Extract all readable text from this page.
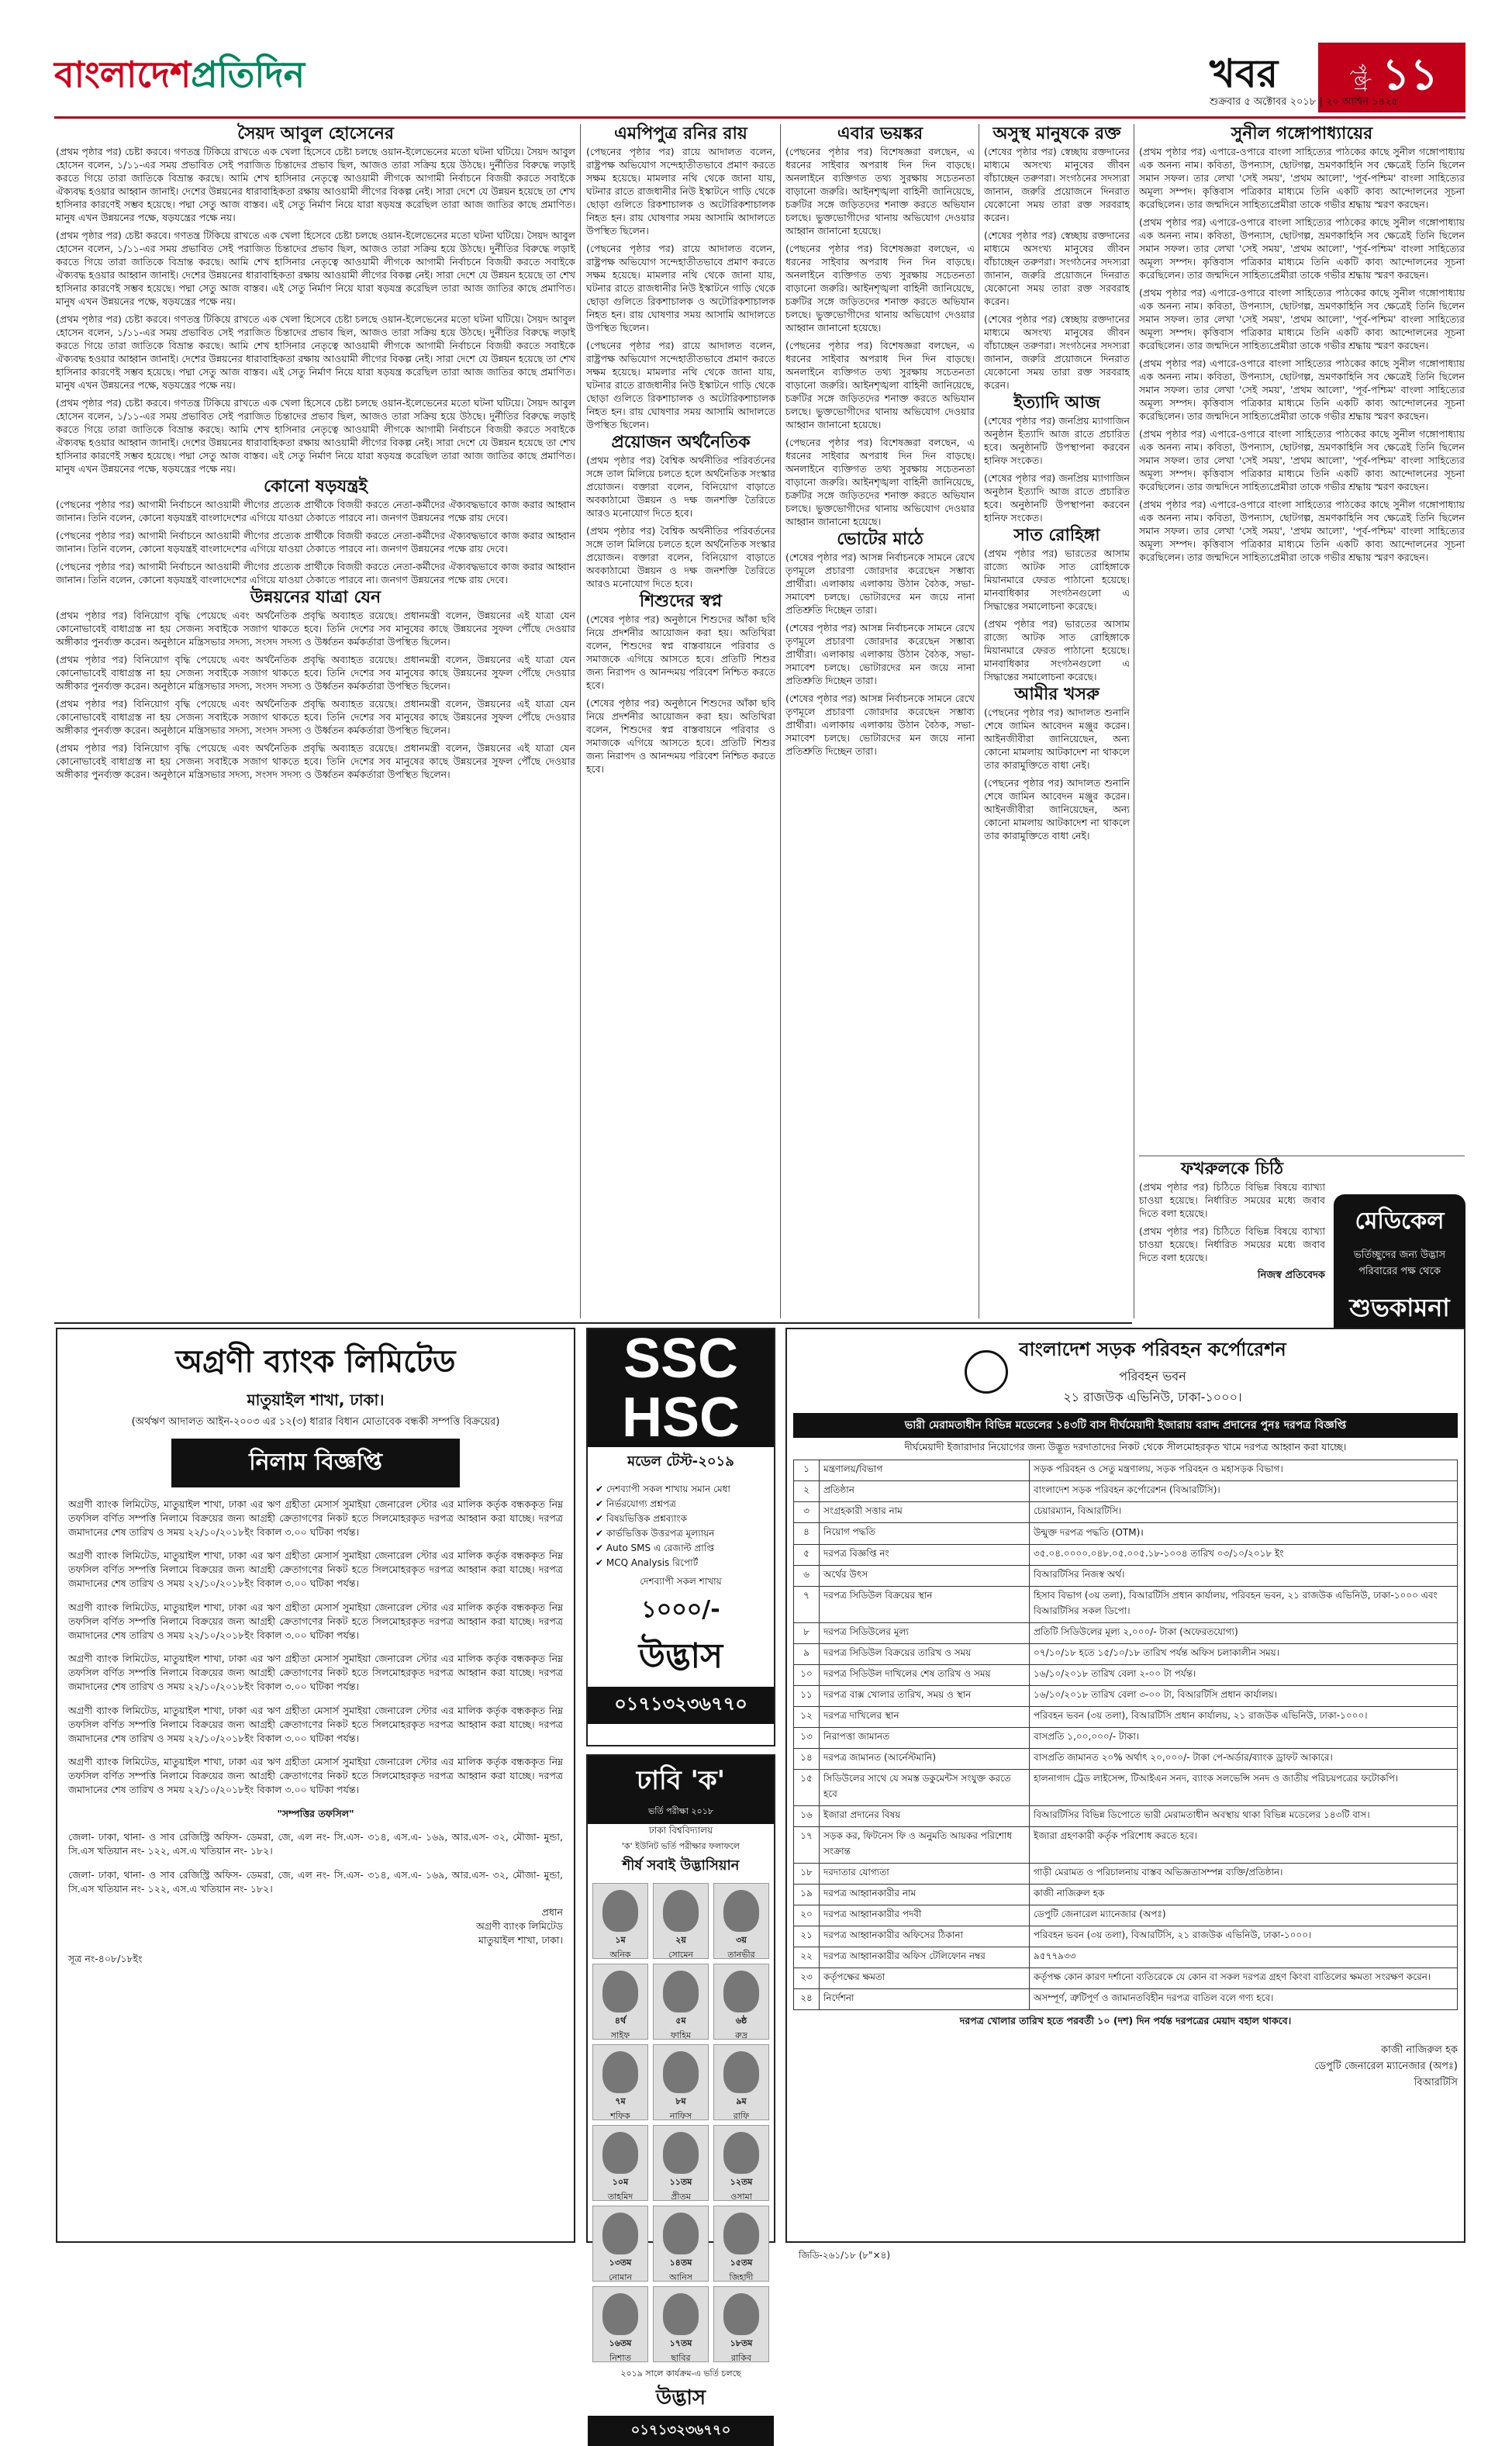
বাংলাদেশপ্রতিদিন	খবর	পৃষ্ঠা ১১
শুক্রবার ৫ অক্টোবর ২০১৮ | ২০ আশ্বিন ১৪২৫
সৈয়দ আবুল হোসেনের

(প্রথম পৃষ্ঠার পর) চেষ্টা করবে। গণতন্ত্র টিকিয়ে রাখতে এক খেলা হিসেবে চেষ্টা চলছে ওয়ান-ইলেভেনের মতো ঘটনা ঘটিয়ে। সৈয়দ আবুল হোসেন বলেন, ১/১১-এর সময় প্রভাবিত সেই পরাজিত চিন্তাদের প্রভাব ছিল, আজও তারা সক্রিয় হয়ে উঠছে। দুর্নীতির বিরুদ্ধে লড়াই করতে গিয়ে তারা জাতিকে বিভ্রান্ত করছে। আমি শেখ হাসিনার নেতৃত্বে আওয়ামী লীগকে আগামী নির্বাচনে বিজয়ী করতে সবাইকে ঐক্যবদ্ধ হওয়ার আহ্বান জানাই। দেশের উন্নয়নের ধারাবাহিকতা রক্ষায় আওয়ামী লীগের বিকল্প নেই। সারা দেশে যে উন্নয়ন হয়েছে তা শেখ হাসিনার কারণেই সম্ভব হয়েছে। পদ্মা সেতু আজ বাস্তব। এই সেতু নির্মাণ নিয়ে যারা ষড়যন্ত্র করেছিল তারা আজ জাতির কাছে প্রমাণিত। মানুষ এখন উন্নয়নের পক্ষে, ষড়যন্ত্রের পক্ষে নয়।

(প্রথম পৃষ্ঠার পর) চেষ্টা করবে। গণতন্ত্র টিকিয়ে রাখতে এক খেলা হিসেবে চেষ্টা চলছে ওয়ান-ইলেভেনের মতো ঘটনা ঘটিয়ে। সৈয়দ আবুল হোসেন বলেন, ১/১১-এর সময় প্রভাবিত সেই পরাজিত চিন্তাদের প্রভাব ছিল, আজও তারা সক্রিয় হয়ে উঠছে। দুর্নীতির বিরুদ্ধে লড়াই করতে গিয়ে তারা জাতিকে বিভ্রান্ত করছে। আমি শেখ হাসিনার নেতৃত্বে আওয়ামী লীগকে আগামী নির্বাচনে বিজয়ী করতে সবাইকে ঐক্যবদ্ধ হওয়ার আহ্বান জানাই। দেশের উন্নয়নের ধারাবাহিকতা রক্ষায় আওয়ামী লীগের বিকল্প নেই। সারা দেশে যে উন্নয়ন হয়েছে তা শেখ হাসিনার কারণেই সম্ভব হয়েছে। পদ্মা সেতু আজ বাস্তব। এই সেতু নির্মাণ নিয়ে যারা ষড়যন্ত্র করেছিল তারা আজ জাতির কাছে প্রমাণিত। মানুষ এখন উন্নয়নের পক্ষে, ষড়যন্ত্রের পক্ষে নয়।

(প্রথম পৃষ্ঠার পর) চেষ্টা করবে। গণতন্ত্র টিকিয়ে রাখতে এক খেলা হিসেবে চেষ্টা চলছে ওয়ান-ইলেভেনের মতো ঘটনা ঘটিয়ে। সৈয়দ আবুল হোসেন বলেন, ১/১১-এর সময় প্রভাবিত সেই পরাজিত চিন্তাদের প্রভাব ছিল, আজও তারা সক্রিয় হয়ে উঠছে। দুর্নীতির বিরুদ্ধে লড়াই করতে গিয়ে তারা জাতিকে বিভ্রান্ত করছে। আমি শেখ হাসিনার নেতৃত্বে আওয়ামী লীগকে আগামী নির্বাচনে বিজয়ী করতে সবাইকে ঐক্যবদ্ধ হওয়ার আহ্বান জানাই। দেশের উন্নয়নের ধারাবাহিকতা রক্ষায় আওয়ামী লীগের বিকল্প নেই। সারা দেশে যে উন্নয়ন হয়েছে তা শেখ হাসিনার কারণেই সম্ভব হয়েছে। পদ্মা সেতু আজ বাস্তব। এই সেতু নির্মাণ নিয়ে যারা ষড়যন্ত্র করেছিল তারা আজ জাতির কাছে প্রমাণিত। মানুষ এখন উন্নয়নের পক্ষে, ষড়যন্ত্রের পক্ষে নয়।

(প্রথম পৃষ্ঠার পর) চেষ্টা করবে। গণতন্ত্র টিকিয়ে রাখতে এক খেলা হিসেবে চেষ্টা চলছে ওয়ান-ইলেভেনের মতো ঘটনা ঘটিয়ে। সৈয়দ আবুল হোসেন বলেন, ১/১১-এর সময় প্রভাবিত সেই পরাজিত চিন্তাদের প্রভাব ছিল, আজও তারা সক্রিয় হয়ে উঠছে। দুর্নীতির বিরুদ্ধে লড়াই করতে গিয়ে তারা জাতিকে বিভ্রান্ত করছে। আমি শেখ হাসিনার নেতৃত্বে আওয়ামী লীগকে আগামী নির্বাচনে বিজয়ী করতে সবাইকে ঐক্যবদ্ধ হওয়ার আহ্বান জানাই। দেশের উন্নয়নের ধারাবাহিকতা রক্ষায় আওয়ামী লীগের বিকল্প নেই। সারা দেশে যে উন্নয়ন হয়েছে তা শেখ হাসিনার কারণেই সম্ভব হয়েছে। পদ্মা সেতু আজ বাস্তব। এই সেতু নির্মাণ নিয়ে যারা ষড়যন্ত্র করেছিল তারা আজ জাতির কাছে প্রমাণিত। মানুষ এখন উন্নয়নের পক্ষে, ষড়যন্ত্রের পক্ষে নয়।

কোনো ষড়যন্ত্রই

(পেছনের পৃষ্ঠার পর) আগামী নির্বাচনে আওয়ামী লীগের প্রত্যেক প্রার্থীকে বিজয়ী করতে নেতা-কর্মীদের ঐক্যবদ্ধভাবে কাজ করার আহ্বান জানান। তিনি বলেন, কোনো ষড়যন্ত্রই বাংলাদেশের এগিয়ে যাওয়া ঠেকাতে পারবে না। জনগণ উন্নয়নের পক্ষে রায় দেবে।

(পেছনের পৃষ্ঠার পর) আগামী নির্বাচনে আওয়ামী লীগের প্রত্যেক প্রার্থীকে বিজয়ী করতে নেতা-কর্মীদের ঐক্যবদ্ধভাবে কাজ করার আহ্বান জানান। তিনি বলেন, কোনো ষড়যন্ত্রই বাংলাদেশের এগিয়ে যাওয়া ঠেকাতে পারবে না। জনগণ উন্নয়নের পক্ষে রায় দেবে।

(পেছনের পৃষ্ঠার পর) আগামী নির্বাচনে আওয়ামী লীগের প্রত্যেক প্রার্থীকে বিজয়ী করতে নেতা-কর্মীদের ঐক্যবদ্ধভাবে কাজ করার আহ্বান জানান। তিনি বলেন, কোনো ষড়যন্ত্রই বাংলাদেশের এগিয়ে যাওয়া ঠেকাতে পারবে না। জনগণ উন্নয়নের পক্ষে রায় দেবে।

উন্নয়নের যাত্রা যেন

(প্রথম পৃষ্ঠার পর) বিনিয়োগ বৃদ্ধি পেয়েছে এবং অর্থনৈতিক প্রবৃদ্ধি অব্যাহত রয়েছে। প্রধানমন্ত্রী বলেন, উন্নয়নের এই যাত্রা যেন কোনোভাবেই বাধাগ্রস্ত না হয় সেজন্য সবাইকে সজাগ থাকতে হবে। তিনি দেশের সব মানুষের কাছে উন্নয়নের সুফল পৌঁছে দেওয়ার অঙ্গীকার পুনর্ব্যক্ত করেন। অনুষ্ঠানে মন্ত্রিসভার সদস্য, সংসদ সদস্য ও উর্ধ্বতন কর্মকর্তারা উপস্থিত ছিলেন।

(প্রথম পৃষ্ঠার পর) বিনিয়োগ বৃদ্ধি পেয়েছে এবং অর্থনৈতিক প্রবৃদ্ধি অব্যাহত রয়েছে। প্রধানমন্ত্রী বলেন, উন্নয়নের এই যাত্রা যেন কোনোভাবেই বাধাগ্রস্ত না হয় সেজন্য সবাইকে সজাগ থাকতে হবে। তিনি দেশের সব মানুষের কাছে উন্নয়নের সুফল পৌঁছে দেওয়ার অঙ্গীকার পুনর্ব্যক্ত করেন। অনুষ্ঠানে মন্ত্রিসভার সদস্য, সংসদ সদস্য ও উর্ধ্বতন কর্মকর্তারা উপস্থিত ছিলেন।

(প্রথম পৃষ্ঠার পর) বিনিয়োগ বৃদ্ধি পেয়েছে এবং অর্থনৈতিক প্রবৃদ্ধি অব্যাহত রয়েছে। প্রধানমন্ত্রী বলেন, উন্নয়নের এই যাত্রা যেন কোনোভাবেই বাধাগ্রস্ত না হয় সেজন্য সবাইকে সজাগ থাকতে হবে। তিনি দেশের সব মানুষের কাছে উন্নয়নের সুফল পৌঁছে দেওয়ার অঙ্গীকার পুনর্ব্যক্ত করেন। অনুষ্ঠানে মন্ত্রিসভার সদস্য, সংসদ সদস্য ও উর্ধ্বতন কর্মকর্তারা উপস্থিত ছিলেন।

(প্রথম পৃষ্ঠার পর) বিনিয়োগ বৃদ্ধি পেয়েছে এবং অর্থনৈতিক প্রবৃদ্ধি অব্যাহত রয়েছে। প্রধানমন্ত্রী বলেন, উন্নয়নের এই যাত্রা যেন কোনোভাবেই বাধাগ্রস্ত না হয় সেজন্য সবাইকে সজাগ থাকতে হবে। তিনি দেশের সব মানুষের কাছে উন্নয়নের সুফল পৌঁছে দেওয়ার অঙ্গীকার পুনর্ব্যক্ত করেন। অনুষ্ঠানে মন্ত্রিসভার সদস্য, সংসদ সদস্য ও উর্ধ্বতন কর্মকর্তারা উপস্থিত ছিলেন।

এমপিপুত্র রনির রায়

(পেছনের পৃষ্ঠার পর) রায়ে আদালত বলেন, রাষ্ট্রপক্ষ অভিযোগ সন্দেহাতীতভাবে প্রমাণ করতে সক্ষম হয়েছে। মামলার নথি থেকে জানা যায়, ঘটনার রাতে রাজধানীর নিউ ইস্কাটনে গাড়ি থেকে ছোড়া গুলিতে রিকশাচালক ও অটোরিকশাচালক নিহত হন। রায় ঘোষণার সময় আসামি আদালতে উপস্থিত ছিলেন।

(পেছনের পৃষ্ঠার পর) রায়ে আদালত বলেন, রাষ্ট্রপক্ষ অভিযোগ সন্দেহাতীতভাবে প্রমাণ করতে সক্ষম হয়েছে। মামলার নথি থেকে জানা যায়, ঘটনার রাতে রাজধানীর নিউ ইস্কাটনে গাড়ি থেকে ছোড়া গুলিতে রিকশাচালক ও অটোরিকশাচালক নিহত হন। রায় ঘোষণার সময় আসামি আদালতে উপস্থিত ছিলেন।

(পেছনের পৃষ্ঠার পর) রায়ে আদালত বলেন, রাষ্ট্রপক্ষ অভিযোগ সন্দেহাতীতভাবে প্রমাণ করতে সক্ষম হয়েছে। মামলার নথি থেকে জানা যায়, ঘটনার রাতে রাজধানীর নিউ ইস্কাটনে গাড়ি থেকে ছোড়া গুলিতে রিকশাচালক ও অটোরিকশাচালক নিহত হন। রায় ঘোষণার সময় আসামি আদালতে উপস্থিত ছিলেন।

প্রয়োজন অর্থনৈতিক

(প্রথম পৃষ্ঠার পর) বৈশ্বিক অর্থনীতির পরিবর্তনের সঙ্গে তাল মিলিয়ে চলতে হলে অর্থনৈতিক সংস্কার প্রয়োজন। বক্তারা বলেন, বিনিয়োগ বাড়াতে অবকাঠামো উন্নয়ন ও দক্ষ জনশক্তি তৈরিতে আরও মনোযোগ দিতে হবে।

(প্রথম পৃষ্ঠার পর) বৈশ্বিক অর্থনীতির পরিবর্তনের সঙ্গে তাল মিলিয়ে চলতে হলে অর্থনৈতিক সংস্কার প্রয়োজন। বক্তারা বলেন, বিনিয়োগ বাড়াতে অবকাঠামো উন্নয়ন ও দক্ষ জনশক্তি তৈরিতে আরও মনোযোগ দিতে হবে।

শিশুদের স্বপ্ন

(শেষের পৃষ্ঠার পর) অনুষ্ঠানে শিশুদের আঁকা ছবি নিয়ে প্রদর্শনীর আয়োজন করা হয়। অতিথিরা বলেন, শিশুদের স্বপ্ন বাস্তবায়নে পরিবার ও সমাজকে এগিয়ে আসতে হবে। প্রতিটি শিশুর জন্য নিরাপদ ও আনন্দময় পরিবেশ নিশ্চিত করতে হবে।

(শেষের পৃষ্ঠার পর) অনুষ্ঠানে শিশুদের আঁকা ছবি নিয়ে প্রদর্শনীর আয়োজন করা হয়। অতিথিরা বলেন, শিশুদের স্বপ্ন বাস্তবায়নে পরিবার ও সমাজকে এগিয়ে আসতে হবে। প্রতিটি শিশুর জন্য নিরাপদ ও আনন্দময় পরিবেশ নিশ্চিত করতে হবে।

এবার ভয়ঙ্কর

(পেছনের পৃষ্ঠার পর) বিশেষজ্ঞরা বলছেন, এ ধরনের সাইবার অপরাধ দিন দিন বাড়ছে। অনলাইনে ব্যক্তিগত তথ্য সুরক্ষায় সচেতনতা বাড়ানো জরুরি। আইনশৃঙ্খলা বাহিনী জানিয়েছে, চক্রটির সঙ্গে জড়িতদের শনাক্ত করতে অভিযান চলছে। ভুক্তভোগীদের থানায় অভিযোগ দেওয়ার আহ্বান জানানো হয়েছে।

(পেছনের পৃষ্ঠার পর) বিশেষজ্ঞরা বলছেন, এ ধরনের সাইবার অপরাধ দিন দিন বাড়ছে। অনলাইনে ব্যক্তিগত তথ্য সুরক্ষায় সচেতনতা বাড়ানো জরুরি। আইনশৃঙ্খলা বাহিনী জানিয়েছে, চক্রটির সঙ্গে জড়িতদের শনাক্ত করতে অভিযান চলছে। ভুক্তভোগীদের থানায় অভিযোগ দেওয়ার আহ্বান জানানো হয়েছে।

(পেছনের পৃষ্ঠার পর) বিশেষজ্ঞরা বলছেন, এ ধরনের সাইবার অপরাধ দিন দিন বাড়ছে। অনলাইনে ব্যক্তিগত তথ্য সুরক্ষায় সচেতনতা বাড়ানো জরুরি। আইনশৃঙ্খলা বাহিনী জানিয়েছে, চক্রটির সঙ্গে জড়িতদের শনাক্ত করতে অভিযান চলছে। ভুক্তভোগীদের থানায় অভিযোগ দেওয়ার আহ্বান জানানো হয়েছে।

(পেছনের পৃষ্ঠার পর) বিশেষজ্ঞরা বলছেন, এ ধরনের সাইবার অপরাধ দিন দিন বাড়ছে। অনলাইনে ব্যক্তিগত তথ্য সুরক্ষায় সচেতনতা বাড়ানো জরুরি। আইনশৃঙ্খলা বাহিনী জানিয়েছে, চক্রটির সঙ্গে জড়িতদের শনাক্ত করতে অভিযান চলছে। ভুক্তভোগীদের থানায় অভিযোগ দেওয়ার আহ্বান জানানো হয়েছে।

ভোটের মাঠে

(শেষের পৃষ্ঠার পর) আসন্ন নির্বাচনকে সামনে রেখে তৃণমূলে প্রচারণা জোরদার করেছেন সম্ভাব্য প্রার্থীরা। এলাকায় এলাকায় উঠান বৈঠক, সভা-সমাবেশ চলছে। ভোটারদের মন জয়ে নানা প্রতিশ্রুতি দিচ্ছেন তারা।

(শেষের পৃষ্ঠার পর) আসন্ন নির্বাচনকে সামনে রেখে তৃণমূলে প্রচারণা জোরদার করেছেন সম্ভাব্য প্রার্থীরা। এলাকায় এলাকায় উঠান বৈঠক, সভা-সমাবেশ চলছে। ভোটারদের মন জয়ে নানা প্রতিশ্রুতি দিচ্ছেন তারা।

(শেষের পৃষ্ঠার পর) আসন্ন নির্বাচনকে সামনে রেখে তৃণমূলে প্রচারণা জোরদার করেছেন সম্ভাব্য প্রার্থীরা। এলাকায় এলাকায় উঠান বৈঠক, সভা-সমাবেশ চলছে। ভোটারদের মন জয়ে নানা প্রতিশ্রুতি দিচ্ছেন তারা।

অসুস্থ মানুষকে রক্ত

(শেষের পৃষ্ঠার পর) স্বেচ্ছায় রক্তদানের মাধ্যমে অসংখ্য মানুষের জীবন বাঁচাচ্ছেন তরুণরা। সংগঠনের সদস্যরা জানান, জরুরি প্রয়োজনে দিনরাত যেকোনো সময় তারা রক্ত সরবরাহ করেন।

(শেষের পৃষ্ঠার পর) স্বেচ্ছায় রক্তদানের মাধ্যমে অসংখ্য মানুষের জীবন বাঁচাচ্ছেন তরুণরা। সংগঠনের সদস্যরা জানান, জরুরি প্রয়োজনে দিনরাত যেকোনো সময় তারা রক্ত সরবরাহ করেন।

(শেষের পৃষ্ঠার পর) স্বেচ্ছায় রক্তদানের মাধ্যমে অসংখ্য মানুষের জীবন বাঁচাচ্ছেন তরুণরা। সংগঠনের সদস্যরা জানান, জরুরি প্রয়োজনে দিনরাত যেকোনো সময় তারা রক্ত সরবরাহ করেন।

ইত্যাদি আজ

(শেষের পৃষ্ঠার পর) জনপ্রিয় ম্যাগাজিন অনুষ্ঠান ইত্যাদি আজ রাতে প্রচারিত হবে। অনুষ্ঠানটি উপস্থাপনা করবেন হানিফ সংকেত।

(শেষের পৃষ্ঠার পর) জনপ্রিয় ম্যাগাজিন অনুষ্ঠান ইত্যাদি আজ রাতে প্রচারিত হবে। অনুষ্ঠানটি উপস্থাপনা করবেন হানিফ সংকেত।

সাত রোহিঙ্গা

(প্রথম পৃষ্ঠার পর) ভারতের আসাম রাজ্যে আটক সাত রোহিঙ্গাকে মিয়ানমারে ফেরত পাঠানো হয়েছে। মানবাধিকার সংগঠনগুলো এ সিদ্ধান্তের সমালোচনা করেছে।

(প্রথম পৃষ্ঠার পর) ভারতের আসাম রাজ্যে আটক সাত রোহিঙ্গাকে মিয়ানমারে ফেরত পাঠানো হয়েছে। মানবাধিকার সংগঠনগুলো এ সিদ্ধান্তের সমালোচনা করেছে।

আমীর খসরু

(পেছনের পৃষ্ঠার পর) আদালত শুনানি শেষে জামিন আবেদন মঞ্জুর করেন। আইনজীবীরা জানিয়েছেন, অন্য কোনো মামলায় আটকাদেশ না থাকলে তার কারামুক্তিতে বাধা নেই।

(পেছনের পৃষ্ঠার পর) আদালত শুনানি শেষে জামিন আবেদন মঞ্জুর করেন। আইনজীবীরা জানিয়েছেন, অন্য কোনো মামলায় আটকাদেশ না থাকলে তার কারামুক্তিতে বাধা নেই।

সুনীল গঙ্গোপাধ্যায়ের

(প্রথম পৃষ্ঠার পর) এপারে-ওপারে বাংলা সাহিত্যের পাঠকের কাছে সুনীল গঙ্গোপাধ্যায় এক অনন্য নাম। কবিতা, উপন্যাস, ছোটগল্প, ভ্রমণকাহিনি সব ক্ষেত্রেই তিনি ছিলেন সমান সফল। তার লেখা 'সেই সময়', 'প্রথম আলো', 'পূর্ব-পশ্চিম' বাংলা সাহিত্যের অমূল্য সম্পদ। কৃত্তিবাস পত্রিকার মাধ্যমে তিনি একটি কাব্য আন্দোলনের সূচনা করেছিলেন। তার জন্মদিনে সাহিত্যপ্রেমীরা তাকে গভীর শ্রদ্ধায় স্মরণ করছেন।

(প্রথম পৃষ্ঠার পর) এপারে-ওপারে বাংলা সাহিত্যের পাঠকের কাছে সুনীল গঙ্গোপাধ্যায় এক অনন্য নাম। কবিতা, উপন্যাস, ছোটগল্প, ভ্রমণকাহিনি সব ক্ষেত্রেই তিনি ছিলেন সমান সফল। তার লেখা 'সেই সময়', 'প্রথম আলো', 'পূর্ব-পশ্চিম' বাংলা সাহিত্যের অমূল্য সম্পদ। কৃত্তিবাস পত্রিকার মাধ্যমে তিনি একটি কাব্য আন্দোলনের সূচনা করেছিলেন। তার জন্মদিনে সাহিত্যপ্রেমীরা তাকে গভীর শ্রদ্ধায় স্মরণ করছেন।

(প্রথম পৃষ্ঠার পর) এপারে-ওপারে বাংলা সাহিত্যের পাঠকের কাছে সুনীল গঙ্গোপাধ্যায় এক অনন্য নাম। কবিতা, উপন্যাস, ছোটগল্প, ভ্রমণকাহিনি সব ক্ষেত্রেই তিনি ছিলেন সমান সফল। তার লেখা 'সেই সময়', 'প্রথম আলো', 'পূর্ব-পশ্চিম' বাংলা সাহিত্যের অমূল্য সম্পদ। কৃত্তিবাস পত্রিকার মাধ্যমে তিনি একটি কাব্য আন্দোলনের সূচনা করেছিলেন। তার জন্মদিনে সাহিত্যপ্রেমীরা তাকে গভীর শ্রদ্ধায় স্মরণ করছেন।

(প্রথম পৃষ্ঠার পর) এপারে-ওপারে বাংলা সাহিত্যের পাঠকের কাছে সুনীল গঙ্গোপাধ্যায় এক অনন্য নাম। কবিতা, উপন্যাস, ছোটগল্প, ভ্রমণকাহিনি সব ক্ষেত্রেই তিনি ছিলেন সমান সফল। তার লেখা 'সেই সময়', 'প্রথম আলো', 'পূর্ব-পশ্চিম' বাংলা সাহিত্যের অমূল্য সম্পদ। কৃত্তিবাস পত্রিকার মাধ্যমে তিনি একটি কাব্য আন্দোলনের সূচনা করেছিলেন। তার জন্মদিনে সাহিত্যপ্রেমীরা তাকে গভীর শ্রদ্ধায় স্মরণ করছেন।

(প্রথম পৃষ্ঠার পর) এপারে-ওপারে বাংলা সাহিত্যের পাঠকের কাছে সুনীল গঙ্গোপাধ্যায় এক অনন্য নাম। কবিতা, উপন্যাস, ছোটগল্প, ভ্রমণকাহিনি সব ক্ষেত্রেই তিনি ছিলেন সমান সফল। তার লেখা 'সেই সময়', 'প্রথম আলো', 'পূর্ব-পশ্চিম' বাংলা সাহিত্যের অমূল্য সম্পদ। কৃত্তিবাস পত্রিকার মাধ্যমে তিনি একটি কাব্য আন্দোলনের সূচনা করেছিলেন। তার জন্মদিনে সাহিত্যপ্রেমীরা তাকে গভীর শ্রদ্ধায় স্মরণ করছেন।

(প্রথম পৃষ্ঠার পর) এপারে-ওপারে বাংলা সাহিত্যের পাঠকের কাছে সুনীল গঙ্গোপাধ্যায় এক অনন্য নাম। কবিতা, উপন্যাস, ছোটগল্প, ভ্রমণকাহিনি সব ক্ষেত্রেই তিনি ছিলেন সমান সফল। তার লেখা 'সেই সময়', 'প্রথম আলো', 'পূর্ব-পশ্চিম' বাংলা সাহিত্যের অমূল্য সম্পদ। কৃত্তিবাস পত্রিকার মাধ্যমে তিনি একটি কাব্য আন্দোলনের সূচনা করেছিলেন। তার জন্মদিনে সাহিত্যপ্রেমীরা তাকে গভীর শ্রদ্ধায় স্মরণ করছেন।

ফখরুলকে চিঠি

(প্রথম পৃষ্ঠার পর) চিঠিতে বিভিন্ন বিষয়ে ব্যাখ্যা চাওয়া হয়েছে। নির্ধারিত সময়ের মধ্যে জবাব দিতে বলা হয়েছে।

(প্রথম পৃষ্ঠার পর) চিঠিতে বিভিন্ন বিষয়ে ব্যাখ্যা চাওয়া হয়েছে। নির্ধারিত সময়ের মধ্যে জবাব দিতে বলা হয়েছে।

নিজস্ব প্রতিবেদক

মেডিকেল
ভর্তিচ্ছুদের জন্য উদ্ভাস পরিবারের পক্ষ থেকে
শুভকামনা
অগ্রণী ব্যাংক লিমিটেড
মাতুয়াইল শাখা, ঢাকা।
(অর্থঋণ আদালত আইন-২০০৩ এর ১২(৩) ধারার বিধান মোতাবেক বন্ধকী সম্পত্তি বিক্রয়ের)
নিলাম বিজ্ঞপ্তি

অগ্রণী ব্যাংক লিমিটেড, মাতুয়াইল শাখা, ঢাকা এর ঋণ গ্রহীতা মেসার্স সুমাইয়া জেনারেল স্টোর এর মালিক কর্তৃক বন্ধককৃত নিম্ন তফসিল বর্ণিত সম্পত্তি নিলামে বিক্রয়ের জন্য আগ্রহী ক্রেতাগণের নিকট হতে সিলমোহরকৃত দরপত্র আহ্বান করা যাচ্ছে। দরপত্র জমাদানের শেষ তারিখ ও সময় ২২/১০/২০১৮ইং বিকাল ৩.০০ ঘটিকা পর্যন্ত।

অগ্রণী ব্যাংক লিমিটেড, মাতুয়াইল শাখা, ঢাকা এর ঋণ গ্রহীতা মেসার্স সুমাইয়া জেনারেল স্টোর এর মালিক কর্তৃক বন্ধককৃত নিম্ন তফসিল বর্ণিত সম্পত্তি নিলামে বিক্রয়ের জন্য আগ্রহী ক্রেতাগণের নিকট হতে সিলমোহরকৃত দরপত্র আহ্বান করা যাচ্ছে। দরপত্র জমাদানের শেষ তারিখ ও সময় ২২/১০/২০১৮ইং বিকাল ৩.০০ ঘটিকা পর্যন্ত।

অগ্রণী ব্যাংক লিমিটেড, মাতুয়াইল শাখা, ঢাকা এর ঋণ গ্রহীতা মেসার্স সুমাইয়া জেনারেল স্টোর এর মালিক কর্তৃক বন্ধককৃত নিম্ন তফসিল বর্ণিত সম্পত্তি নিলামে বিক্রয়ের জন্য আগ্রহী ক্রেতাগণের নিকট হতে সিলমোহরকৃত দরপত্র আহ্বান করা যাচ্ছে। দরপত্র জমাদানের শেষ তারিখ ও সময় ২২/১০/২০১৮ইং বিকাল ৩.০০ ঘটিকা পর্যন্ত।

অগ্রণী ব্যাংক লিমিটেড, মাতুয়াইল শাখা, ঢাকা এর ঋণ গ্রহীতা মেসার্স সুমাইয়া জেনারেল স্টোর এর মালিক কর্তৃক বন্ধককৃত নিম্ন তফসিল বর্ণিত সম্পত্তি নিলামে বিক্রয়ের জন্য আগ্রহী ক্রেতাগণের নিকট হতে সিলমোহরকৃত দরপত্র আহ্বান করা যাচ্ছে। দরপত্র জমাদানের শেষ তারিখ ও সময় ২২/১০/২০১৮ইং বিকাল ৩.০০ ঘটিকা পর্যন্ত।

অগ্রণী ব্যাংক লিমিটেড, মাতুয়াইল শাখা, ঢাকা এর ঋণ গ্রহীতা মেসার্স সুমাইয়া জেনারেল স্টোর এর মালিক কর্তৃক বন্ধককৃত নিম্ন তফসিল বর্ণিত সম্পত্তি নিলামে বিক্রয়ের জন্য আগ্রহী ক্রেতাগণের নিকট হতে সিলমোহরকৃত দরপত্র আহ্বান করা যাচ্ছে। দরপত্র জমাদানের শেষ তারিখ ও সময় ২২/১০/২০১৮ইং বিকাল ৩.০০ ঘটিকা পর্যন্ত।

অগ্রণী ব্যাংক লিমিটেড, মাতুয়াইল শাখা, ঢাকা এর ঋণ গ্রহীতা মেসার্স সুমাইয়া জেনারেল স্টোর এর মালিক কর্তৃক বন্ধককৃত নিম্ন তফসিল বর্ণিত সম্পত্তি নিলামে বিক্রয়ের জন্য আগ্রহী ক্রেতাগণের নিকট হতে সিলমোহরকৃত দরপত্র আহ্বান করা যাচ্ছে। দরপত্র জমাদানের শেষ তারিখ ও সময় ২২/১০/২০১৮ইং বিকাল ৩.০০ ঘটিকা পর্যন্ত।

"সম্পত্তির তফসিল"

জেলা- ঢাকা, থানা- ও সাব রেজিস্ট্রি অফিস- ডেমরা, জে, এল নং- সি.এস- ৩১৪, এস.এ- ১৬৯, আর.এস- ৩২, মৌজা- মুন্ডা, সি.এস খতিয়ান নং- ১২২, এস.এ খতিয়ান নং- ১৮২।

জেলা- ঢাকা, থানা- ও সাব রেজিস্ট্রি অফিস- ডেমরা, জে, এল নং- সি.এস- ৩১৪, এস.এ- ১৬৯, আর.এস- ৩২, মৌজা- মুন্ডা, সি.এস খতিয়ান নং- ১২২, এস.এ খতিয়ান নং- ১৮২।

প্রধান

অগ্রণী ব্যাংক লিমিটেড

মাতুয়াইল শাখা, ঢাকা।

সূত্র নং-৪০৮/১৮ইং

SSC
HSC
মডেল টেস্ট-২০১৯
✔ দেশব্যাপী সকল শাখায় সমান মেধা
✔ নির্ভরযোগ্য প্রশ্নপত্র
✔ বিষয়ভিত্তিক প্রশ্নব্যাংক
✔ কার্ভভিত্তিক উত্তরপত্র মূল্যায়ন
✔ Auto SMS এ রেজাল্ট প্রাপ্তি
✔ MCQ Analysis রিপোর্ট
দেশব্যাপী সকল শাখায়
১০০০/-
উদ্ভাস
০১৭১৩২৩৬৭৭০
ঢাবি 'ক'
ভর্তি পরীক্ষা ২০১৮
ঢাকা বিশ্ববিদ্যালয়
'ক' ইউনিট ভর্তি পরীক্ষার ফলাফলে
শীর্ষ সবাই উদ্ভাসিয়ান
১ম
অনিক
২য়
সোমেন
৩য়
তানভীর
৪র্থ
সাইফ
৫ম
ফাহিম
৬ষ্ঠ
রুদ্র
৭ম
শফিক
৮ম
নাফিস
৯ম
রাফি
১০ম
তাহমিদ
১১তম
প্রীতম
১২তম
ওসামা
১৩তম
নোমান
১৪তম
আনিস
১৫তম
জিহাদী
১৬তম
নিশাত
১৭তম
ছাবির
১৮তম
রাকিব
২০১৯ সালে কার্যক্রম-এ ভর্তি চলছে
উদ্ভাস
০১৭১৩২৩৬৭৭০
জিডি-২৬১/১৮ (৮"×৪)
বাংলাদেশ সড়ক পরিবহন কর্পোরেশন
পরিবহন ভবন
২১ রাজউক এভিনিউ, ঢাকা-১০০০।
ভারী মেরামতাধীন বিভিন্ন মডেলের ১৪৩টি বাস দীর্ঘমেয়াদী ইজারায় বরাদ্দ প্রদানের পুনঃ দরপত্র বিজ্ঞপ্তি
দীর্ঘমেয়াদী ইজারাদার নিয়োগের জন্য উদ্ভূত দরদাতাদের নিকট থেকে সীলমোহরকৃত খামে দরপত্র আহ্বান করা যাচ্ছে।
১	মন্ত্রণালয়/বিভাগ	সড়ক পরিবহন ও সেতু মন্ত্রণালয়, সড়ক পরিবহন ও মহাসড়ক বিভাগ।
২	প্রতিষ্ঠান	বাংলাদেশ সড়ক পরিবহন কর্পোরেশন (বিআরটিসি)।
৩	সংগ্রহকারী সত্তার নাম	চেয়ারম্যান, বিআরটিসি।
৪	নিয়োগ পদ্ধতি	উন্মুক্ত দরপত্র পদ্ধতি (OTM)।
৫	দরপত্র বিজ্ঞপ্তি নং	৩৫.০৪.০০০০.০৪৮.০৫.০০৫.১৮-১০০৪ তারিখ ০৩/১০/২০১৮ ইং
৬	অর্থের উৎস	বিআরটিসির নিজস্ব অর্থ।
৭	দরপত্র সিডিউল বিক্রয়ের স্থান	হিসাব বিভাগ (৩য় তলা), বিআরটিসি প্রধান কার্যালয়, পরিবহন ভবন, ২১ রাজউক এভিনিউ, ঢাকা-১০০০ এবং বিআরটিসির সকল ডিপো।
৮	দরপত্র সিডিউলের মূল্য	প্রতিটি সিডিউলের মূল্য ২,০০০/- টাকা (অফেরতযোগ্য)
৯	দরপত্র সিডিউল বিক্রয়ের তারিখ ও সময়	০৭/১০/১৮ হতে ১৫/১০/১৮ তারিখ পর্যন্ত অফিস চলাকালীন সময়।
১০	দরপত্র সিডিউল দাখিলের শেষ তারিখ ও সময়	১৬/১০/২০১৮ তারিখ বেলা ২-০০ টা পর্যন্ত।
১১	দরপত্র বাক্স খোলার তারিখ, সময় ও স্থান	১৬/১০/২০১৮ তারিখ বেলা ৩-০০ টা, বিআরটিসি প্রধান কার্যালয়।
১২	দরপত্র দাখিলের স্থান	পরিবহন ভবন (৩য় তলা), বিআরটিসি প্রধান কার্যালয়, ২১ রাজউক এভিনিউ, ঢাকা-১০০০।
১৩	নিরাপত্তা জামানত	বাসপ্রতি ১,০০,০০০/- টাকা।
১৪	দরপত্র জামানত (আর্নেস্টমানি)	বাসপ্রতি জামানত ২০% অর্থাৎ ২০,০০০/- টাকা পে-অর্ডার/ব্যাংক ড্রাফট আকারে।
১৫	সিডিউলের সাথে যে সমস্ত ডকুমেন্টস সংযুক্ত করতে হবে	হালনাগাদ ট্রেড লাইসেন্স, টিআইএন সনদ, ব্যাংক সলভেন্সি সনদ ও জাতীয় পরিচয়পত্রের ফটোকপি।
১৬	ইজারা প্রদানের বিষয়	বিআরটিসির বিভিন্ন ডিপোতে ভারী মেরামতাধীন অবস্থায় থাকা বিভিন্ন মডেলের ১৪৩টি বাস।
১৭	সড়ক কর, ফিটনেস ফি ও অনুমতি আয়কর পরিশোধ সংক্রান্ত	ইজারা গ্রহণকারী কর্তৃক পরিশোধ করতে হবে।
১৮	দরদাতার যোগ্যতা	গাড়ী মেরামত ও পরিচালনায় বাস্তব অভিজ্ঞতাসম্পন্ন ব্যক্তি/প্রতিষ্ঠান।
১৯	দরপত্র আহ্বানকারীর নাম	কাজী নাজিরুল হক
২০	দরপত্র আহ্বানকারীর পদবী	ডেপুটি জেনারেল ম্যানেজার (অপঃ)
২১	দরপত্র আহ্বানকারীর অফিসের ঠিকানা	পরিবহন ভবন (৩য় তলা), বিআরটিসি, ২১ রাজউক এভিনিউ, ঢাকা-১০০০।
২২	দরপত্র আহ্বানকারীর অফিস টেলিফোন নম্বর	৯৫৭৭৯৩৩
২৩	কর্তৃপক্ষের ক্ষমতা	কর্তৃপক্ষ কোন কারণ দর্শানো ব্যতিরেকে যে কোন বা সকল দরপত্র গ্রহণ কিংবা বাতিলের ক্ষমতা সংরক্ষণ করেন।
২৪	নির্দেশনা	অসম্পূর্ণ, ত্রুটিপূর্ণ ও জামানতবিহীন দরপত্র বাতিল বলে গণ্য হবে।
দরপত্র খোলার তারিখ হতে পরবর্তী ১০ (দশ) দিন পর্যন্ত দরপত্রের মেয়াদ বহাল থাকবে।
কাজী নাজিরুল হক
ডেপুটি জেনারেল ম্যানেজার (অপঃ)
বিআরটিসি
